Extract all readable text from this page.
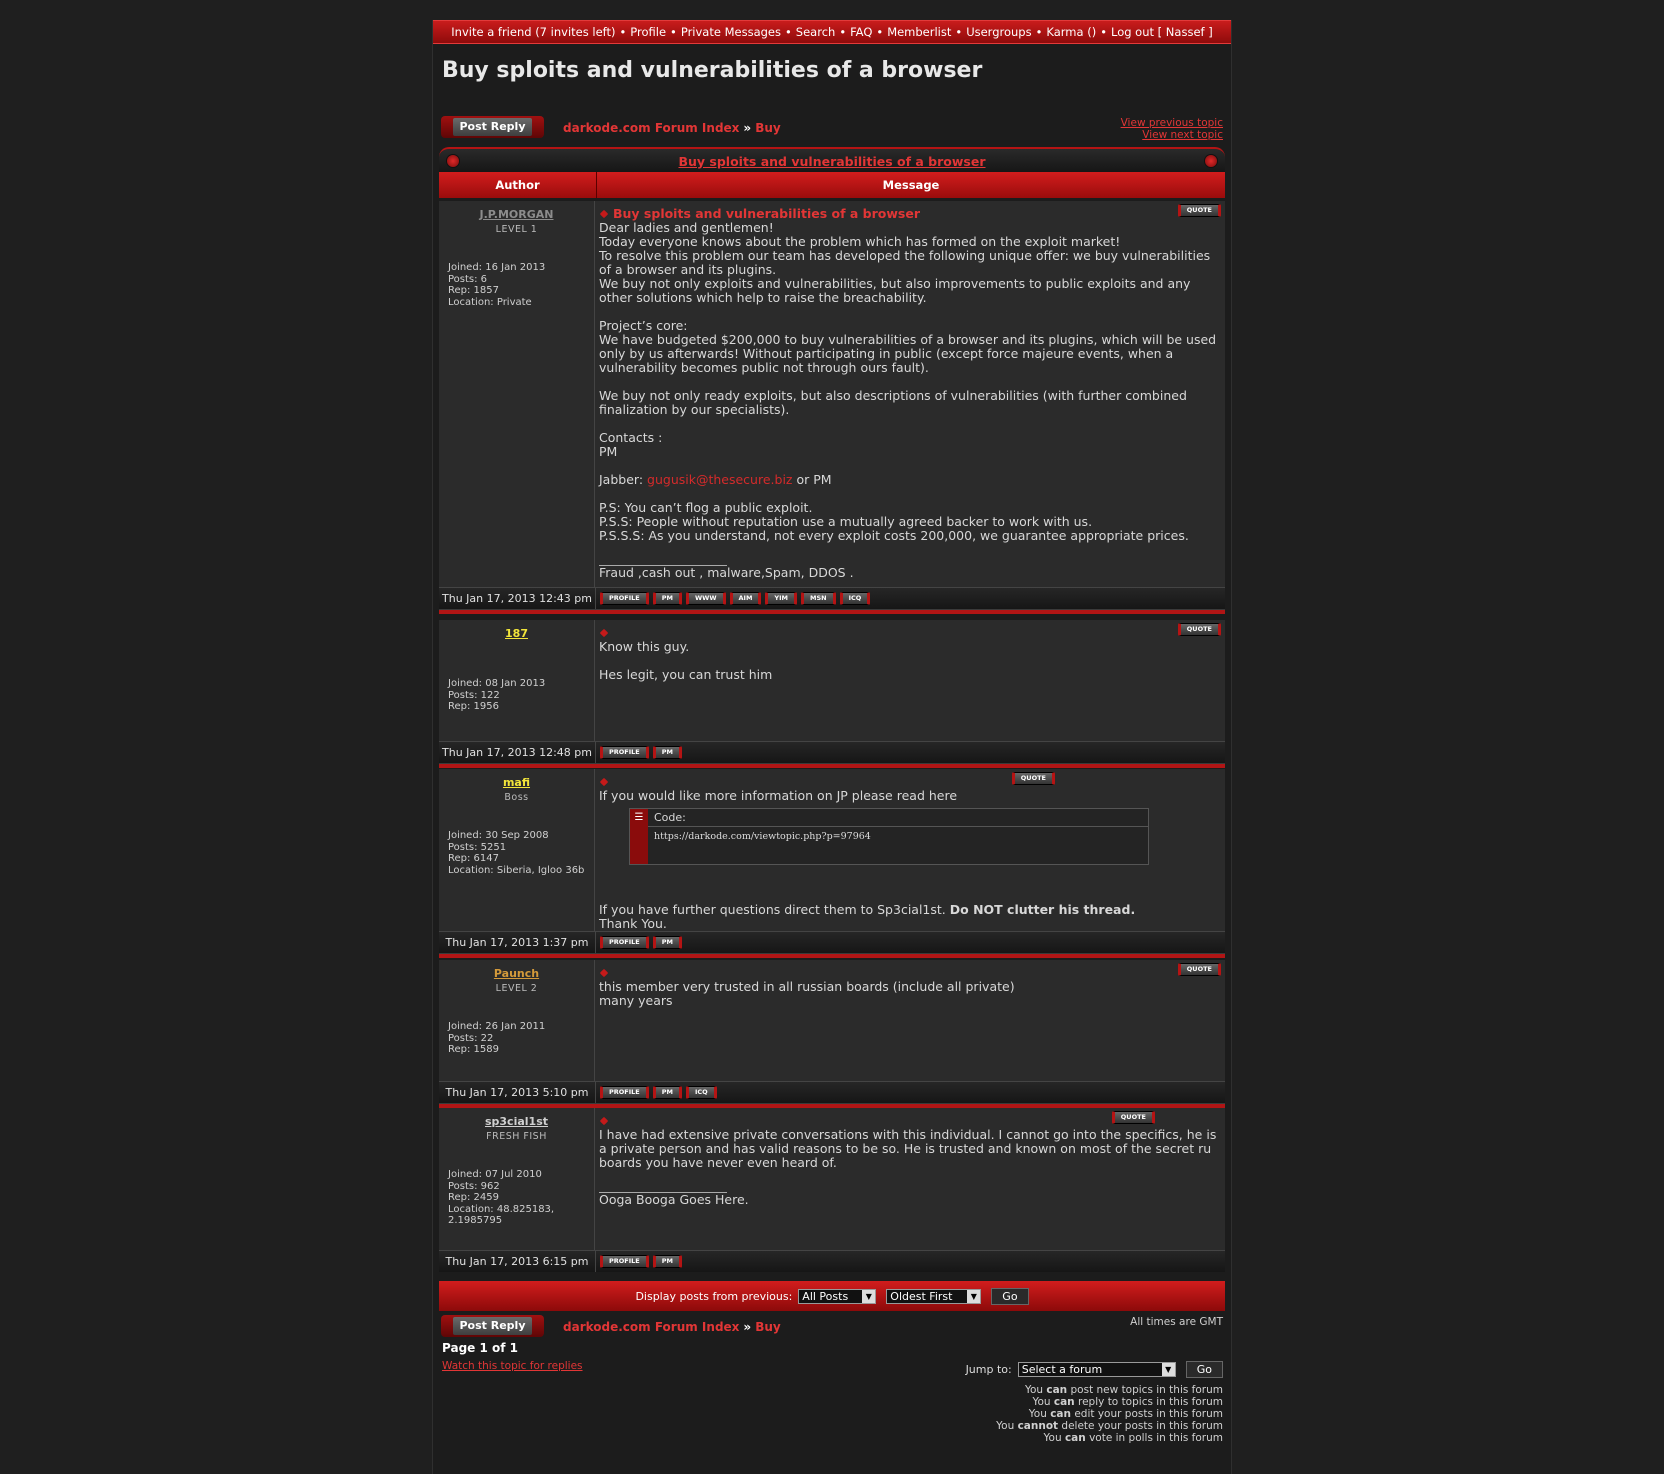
Invite a friend (7 invites left) • Profile • Private Messages • Search • FAQ • Memberlist • Usergroups • Karma () • Log out [ Nassef ]
Buy sploits and vulnerabilities of a browser
Post Reply	darkode.com Forum Index » Buy	View previous topic
View next topic
Buy sploits and vulnerabilities of a browser
Author	Message
J.P.MORGAN
LEVEL 1
Joined: 16 Jan 2013
Posts: 6
Rep: 1857
Location: Private
QUOTE
Buy sploits and vulnerabilities of a browser

Dear ladies and gentlemen!

Today everyone knows about the problem which has formed on the exploit market!

To resolve this problem our team has developed the following unique offer: we buy vulnerabilities of a browser and its plugins.

We buy not only exploits and vulnerabilities, but also improvements to public exploits and any other solutions which help to raise the breachability.

Project’s core:

We have budgeted $200,000 to buy vulnerabilities of a browser and its plugins, which will be used only by us afterwards! Without participating in public (except force majeure events, when a vulnerability becomes public not through ours fault).

We buy not only ready exploits, but also descriptions of vulnerabilities (with further combined finalization by our specialists).

Contacts :

PM

Jabber: gugusik@thesecure.biz or PM

P.S: You can’t flog a public exploit.

P.S.S: People without reputation use a mutually agreed backer to work with us.

P.S.S.S: As you understand, not every exploit costs 200,000, we guarantee appropriate prices.

Fraud ,cash out , malware,Spam, DDOS .

Thu Jan 17, 2013 12:43 pm	PROFILE	PM	WWW	AIM	YIM	MSN	ICQ
187
Joined: 08 Jan 2013
Posts: 122
Rep: 1956
QUOTE

Know this guy.

Hes legit, you can trust him

Thu Jan 17, 2013 12:48 pm	PROFILE	PM
mafi
Boss
Joined: 30 Sep 2008
Posts: 5251
Rep: 6147
Location: Siberia, Igloo 36b
QUOTE

If you would like more information on JP please read here

☰ Code:
https://darkode.com/viewtopic.php?p=97964

If you have further questions direct them to Sp3cial1st. Do NOT clutter his thread.

Thank You.

Thu Jan 17, 2013 1:37 pm	PROFILE	PM
Paunch
LEVEL 2
Joined: 26 Jan 2011
Posts: 22
Rep: 1589
QUOTE

this member very trusted in all russian boards (include all private)

many years

Thu Jan 17, 2013 5:10 pm	PROFILE	PM	ICQ
sp3cial1st
FRESH FISH
Joined: 07 Jul 2010
Posts: 962
Rep: 2459
Location: 48.825183, 2.1985795
QUOTE

I have had extensive private conversations with this individual. I cannot go into the specifics, he is a private person and has valid reasons to be so. He is trusted and known on most of the secret ru boards you have never even heard of.

Ooga Booga Goes Here.

Thu Jan 17, 2013 6:15 pm	PROFILE	PM
Display posts from previous: All Posts	▼	Oldest First	▼	Go
Post Reply	darkode.com Forum Index » Buy	All times are GMT
Page 1 of 1
Watch this topic for replies	Jump to: Select a forum	▼	Go
You can post new topics in this forum
You can reply to topics in this forum
You can edit your posts in this forum
You cannot delete your posts in this forum
You can vote in polls in this forum
